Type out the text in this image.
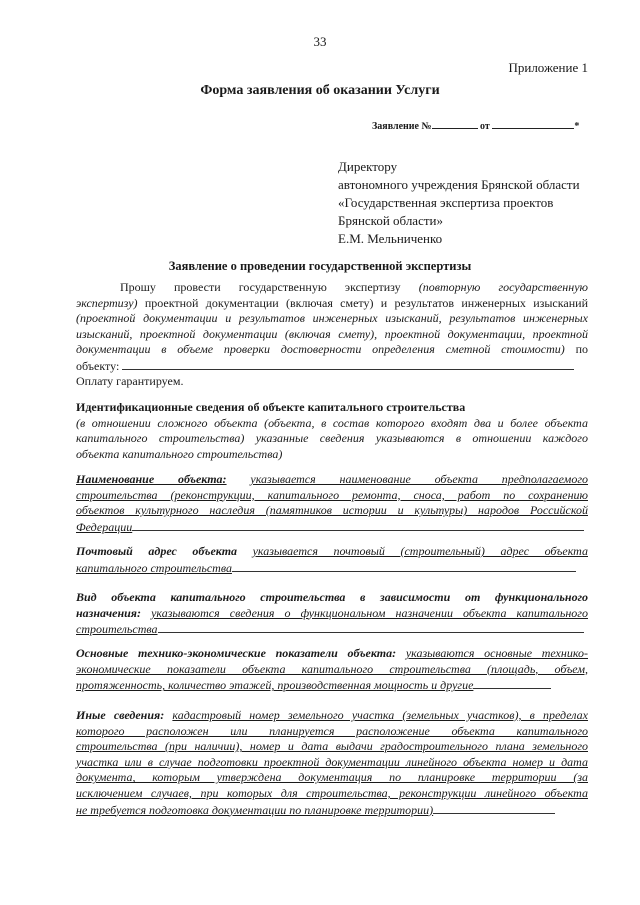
33
Приложение 1
Форма заявления об оказании Услуги
Заявление №	от	*
Директору
автономного учреждения Брянской области
«Государственная экспертиза проектов
Брянской области»
Е.М. Мельниченко
Заявление о проведении государственной экспертизы
Прошу провести государственную экспертизу (повторную государственную
экспертизу) проектной документации (включая смету) и результатов инженерных изысканий
(проектной документации и результатов инженерных изысканий, результатов инженерных
изысканий, проектной документации (включая смету), проектной документации, проектной
документации в объеме проверки достоверности определения сметной стоимости) по
объекту:
Оплату гарантируем.
Идентификационные сведения об объекте капитального строительства
(в отношении сложного объекта (объекта, в состав которого входят два и более объекта
капитального строительства) указанные сведения указываются в отношении каждого
объекта капитального строительства)
Наименование объекта: указывается наименование объекта предполагаемого
строительства (реконструкции, капитального ремонта, сноса, работ по сохранению
объектов культурного наследия (памятников истории и культуры) народов Российской
Федерации
Почтовый адрес объекта указывается почтовый (строительный) адрес объекта
капитального строительства
Вид объекта капитального строительства в зависимости от функционального
назначения: указываются сведения о функциональном назначении объекта капитального
строительства
Основные технико-экономические показатели объекта: указываются основные технико-
экономические показатели объекта капитального строительства (площадь, объем,
протяженность, количество этажей, производственная мощность и другие
Иные сведения: кадастровый номер земельного участка (земельных участков), в пределах
которого расположен или планируется расположение объекта капитального
строительства (при наличии), номер и дата выдачи градостроительного плана земельного
участка или в случае подготовки проектной документации линейного объекта номер и дата
документа, которым утверждена документация по планировке территории (за
исключением случаев, при которых для строительства, реконструкции линейного объекта
не требуется подготовка документации по планировке территории)
